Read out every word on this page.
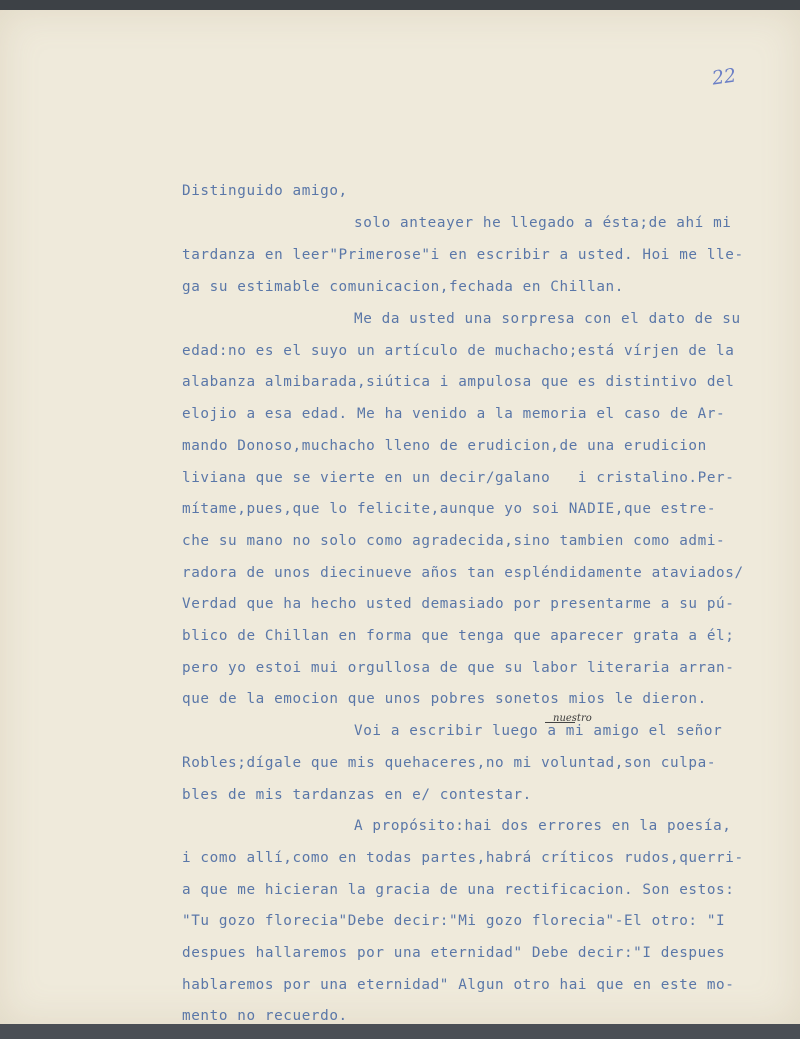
22
Distinguido amigo,
solo anteayer he llegado a ésta;de ahí mi
tardanza en leer"Primerose"i en escribir a usted. Hoi me lle-
ga su estimable comunicacion,fechada en Chillan.
Me da usted una sorpresa con el dato de su
edad:no es el suyo un artículo de muchacho;está vírjen de la
alabanza almibarada,siútica i ampulosa que es distintivo del
elojio a esa edad. Me ha venido a la memoria el caso de Ar-
mando Donoso,muchacho lleno de erudicion,de una erudicion
liviana que se vierte en un decir/galano   i cristalino.Per-
mítame,pues,que lo felicite,aunque yo soi NADIE,que estre-
che su mano no solo como agradecida,sino tambien como admi-
radora de unos diecinueve años tan espléndidamente ataviados/
Verdad que ha hecho usted demasiado por presentarme a su pú-
blico de Chillan en forma que tenga que aparecer grata a él;
pero yo estoi mui orgullosa de que su labor literaria arran-
que de la emocion que unos pobres sonetos mios le dieron.
nuestro
Voi a escribir luego a mi amigo el señor
Robles;dígale que mis quehaceres,no mi voluntad,son culpa-
bles de mis tardanzas en e/ contestar.
A propósito:hai dos errores en la poesía,
i como allí,como en todas partes,habrá críticos rudos,querri-
a que me hicieran la gracia de una rectificacion. Son estos:
"Tu gozo florecia"Debe decir:"Mi gozo florecia"-El otro: "I
despues hallaremos por una eternidad" Debe decir:"I despues
hablaremos por una eternidad" Algun otro hai que en este mo-
mento no recuerdo.
